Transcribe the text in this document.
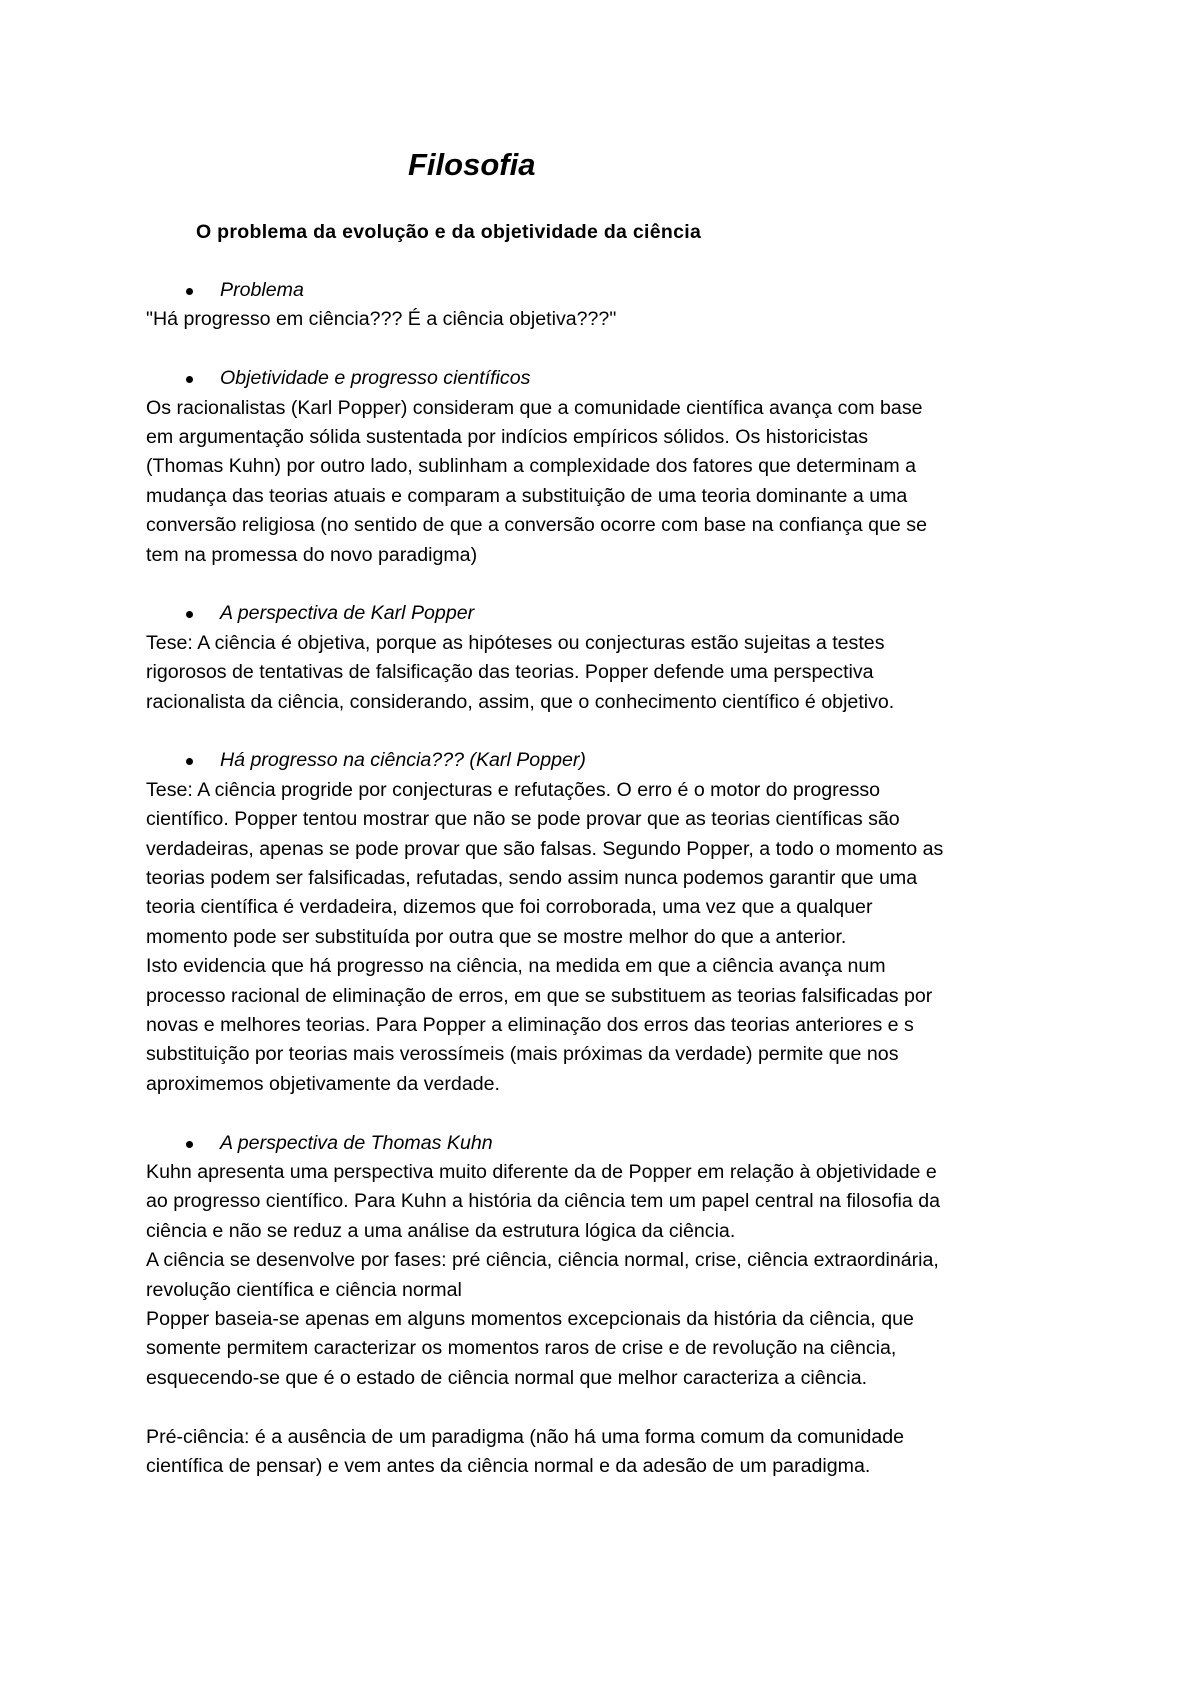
Filosofia
O problema da evolução e da objetividade da ciência
Problema

"Há progresso em ciência??? É a ciência objetiva???"

Objetividade e progresso científicos

Os racionalistas (Karl Popper) consideram que a comunidade científica avança com base
em argumentação sólida sustentada por indícios empíricos sólidos. Os historicistas
(Thomas Kuhn) por outro lado, sublinham a complexidade dos fatores que determinam a
mudança das teorias atuais e comparam a substituição de uma teoria dominante a uma
conversão religiosa (no sentido de que a conversão ocorre com base na confiança que se
tem na promessa do novo paradigma)

A perspectiva de Karl Popper

Tese: A ciência é objetiva, porque as hipóteses ou conjecturas estão sujeitas a testes
rigorosos de tentativas de falsificação das teorias. Popper defende uma perspectiva
racionalista da ciência, considerando, assim, que o conhecimento científico é objetivo.

Há progresso na ciência??? (Karl Popper)

Tese: A ciência progride por conjecturas e refutações. O erro é o motor do progresso
científico. Popper tentou mostrar que não se pode provar que as teorias científicas são
verdadeiras, apenas se pode provar que são falsas. Segundo Popper, a todo o momento as
teorias podem ser falsificadas, refutadas, sendo assim nunca podemos garantir que uma
teoria científica é verdadeira, dizemos que foi corroborada, uma vez que a qualquer
momento pode ser substituída por outra que se mostre melhor do que a anterior.

Isto evidencia que há progresso na ciência, na medida em que a ciência avança num
processo racional de eliminação de erros, em que se substituem as teorias falsificadas por
novas e melhores teorias. Para Popper a eliminação dos erros das teorias anteriores e s
substituição por teorias mais verossímeis (mais próximas da verdade) permite que nos
aproximemos objetivamente da verdade.

A perspectiva de Thomas Kuhn

Kuhn apresenta uma perspectiva muito diferente da de Popper em relação à objetividade e
ao progresso científico. Para Kuhn a história da ciência tem um papel central na filosofia da
ciência e não se reduz a uma análise da estrutura lógica da ciência.

A ciência se desenvolve por fases: pré ciência, ciência normal, crise, ciência extraordinária,
revolução científica e ciência normal

Popper baseia-se apenas em alguns momentos excepcionais da história da ciência, que
somente permitem caracterizar os momentos raros de crise e de revolução na ciência,
esquecendo-se que é o estado de ciência normal que melhor caracteriza a ciência.

Pré-ciência: é a ausência de um paradigma (não há uma forma comum da comunidade
científica de pensar) e vem antes da ciência normal e da adesão de um paradigma.
